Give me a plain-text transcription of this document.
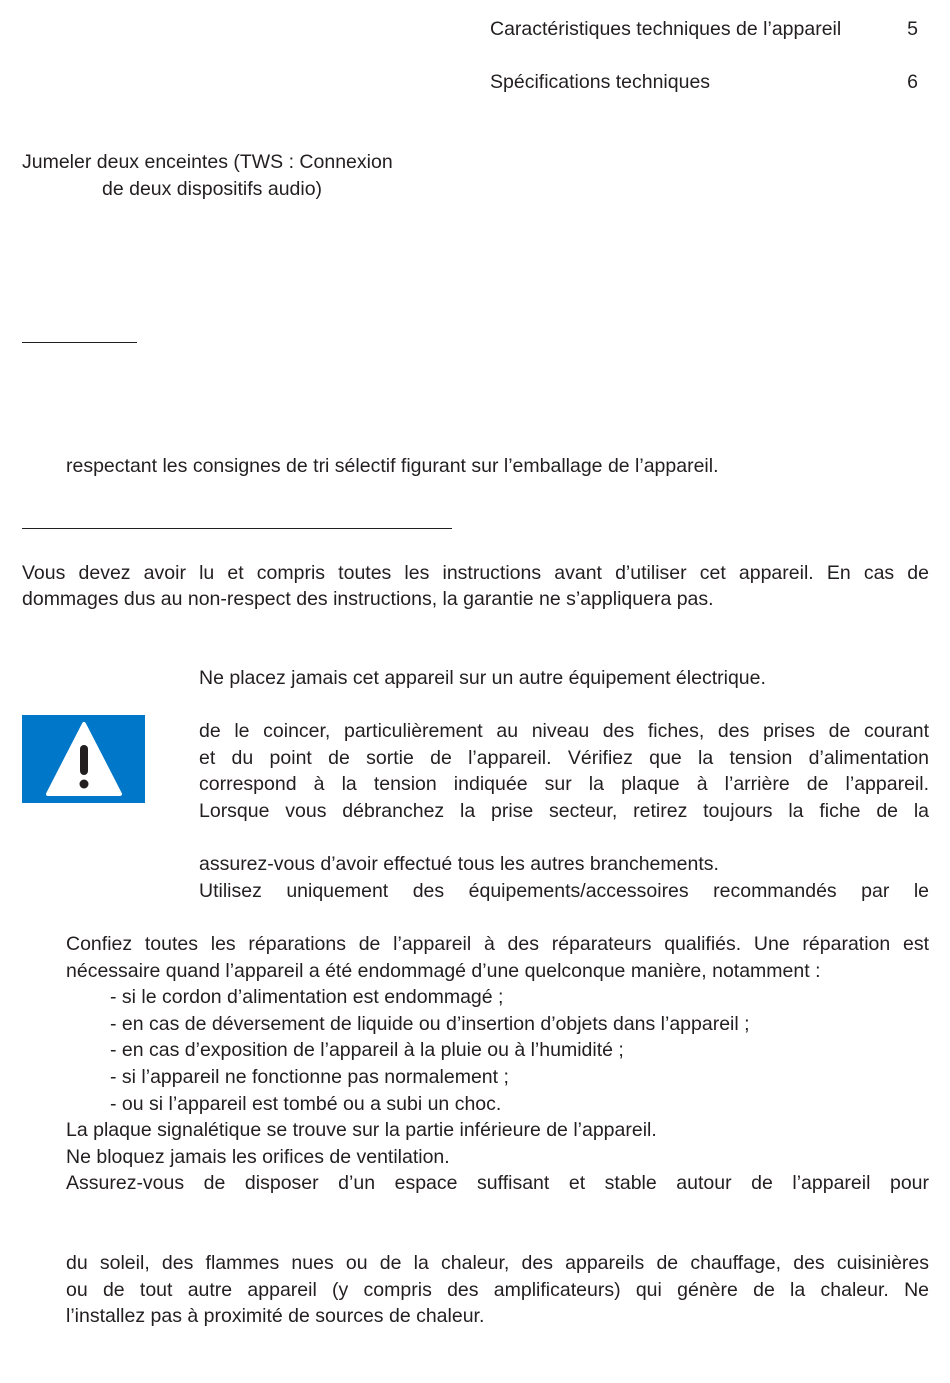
Caractéristiques techniques de l’appareil	5
Spécifications techniques	6
Jumeler deux enceintes (TWS : Connexion
de deux dispositifs audio)
respectant les consignes de tri sélectif figurant sur l’emballage de l’appareil.
Vous devez avoir lu et compris toutes les instructions avant d’utiliser cet appareil. En cas de
dommages dus au non-respect des instructions, la garantie ne s’appliquera pas.
Ne placez jamais cet appareil sur un autre équipement électrique.
de le coincer, particulièrement au niveau des fiches, des prises de courant
et du point de sortie de l’appareil. Vérifiez que la tension d’alimentation
correspond à la tension indiquée sur la plaque à l’arrière de l’appareil.
Lorsque vous débranchez la prise secteur, retirez toujours la fiche de la
assurez-vous d’avoir effectué tous les autres branchements.
Utilisez uniquement des équipements/accessoires recommandés par le
Confiez toutes les réparations de l’appareil à des réparateurs qualifiés. Une réparation est
nécessaire quand l’appareil a été endommagé d’une quelconque manière, notamment :
- si le cordon d’alimentation est endommagé ;
- en cas de déversement de liquide ou d’insertion d’objets dans l’appareil ;
- en cas d’exposition de l’appareil à la pluie ou à l’humidité ;
- si l’appareil ne fonctionne pas normalement ;
- ou si l’appareil est tombé ou a subi un choc.
La plaque signalétique se trouve sur la partie inférieure de l’appareil.
Ne bloquez jamais les orifices de ventilation.
Assurez-vous de disposer d’un espace suffisant et stable autour de l’appareil pour
du soleil, des flammes nues ou de la chaleur, des appareils de chauffage, des cuisinières
ou de tout autre appareil (y compris des amplificateurs) qui génère de la chaleur. Ne
l’installez pas à proximité de sources de chaleur.
